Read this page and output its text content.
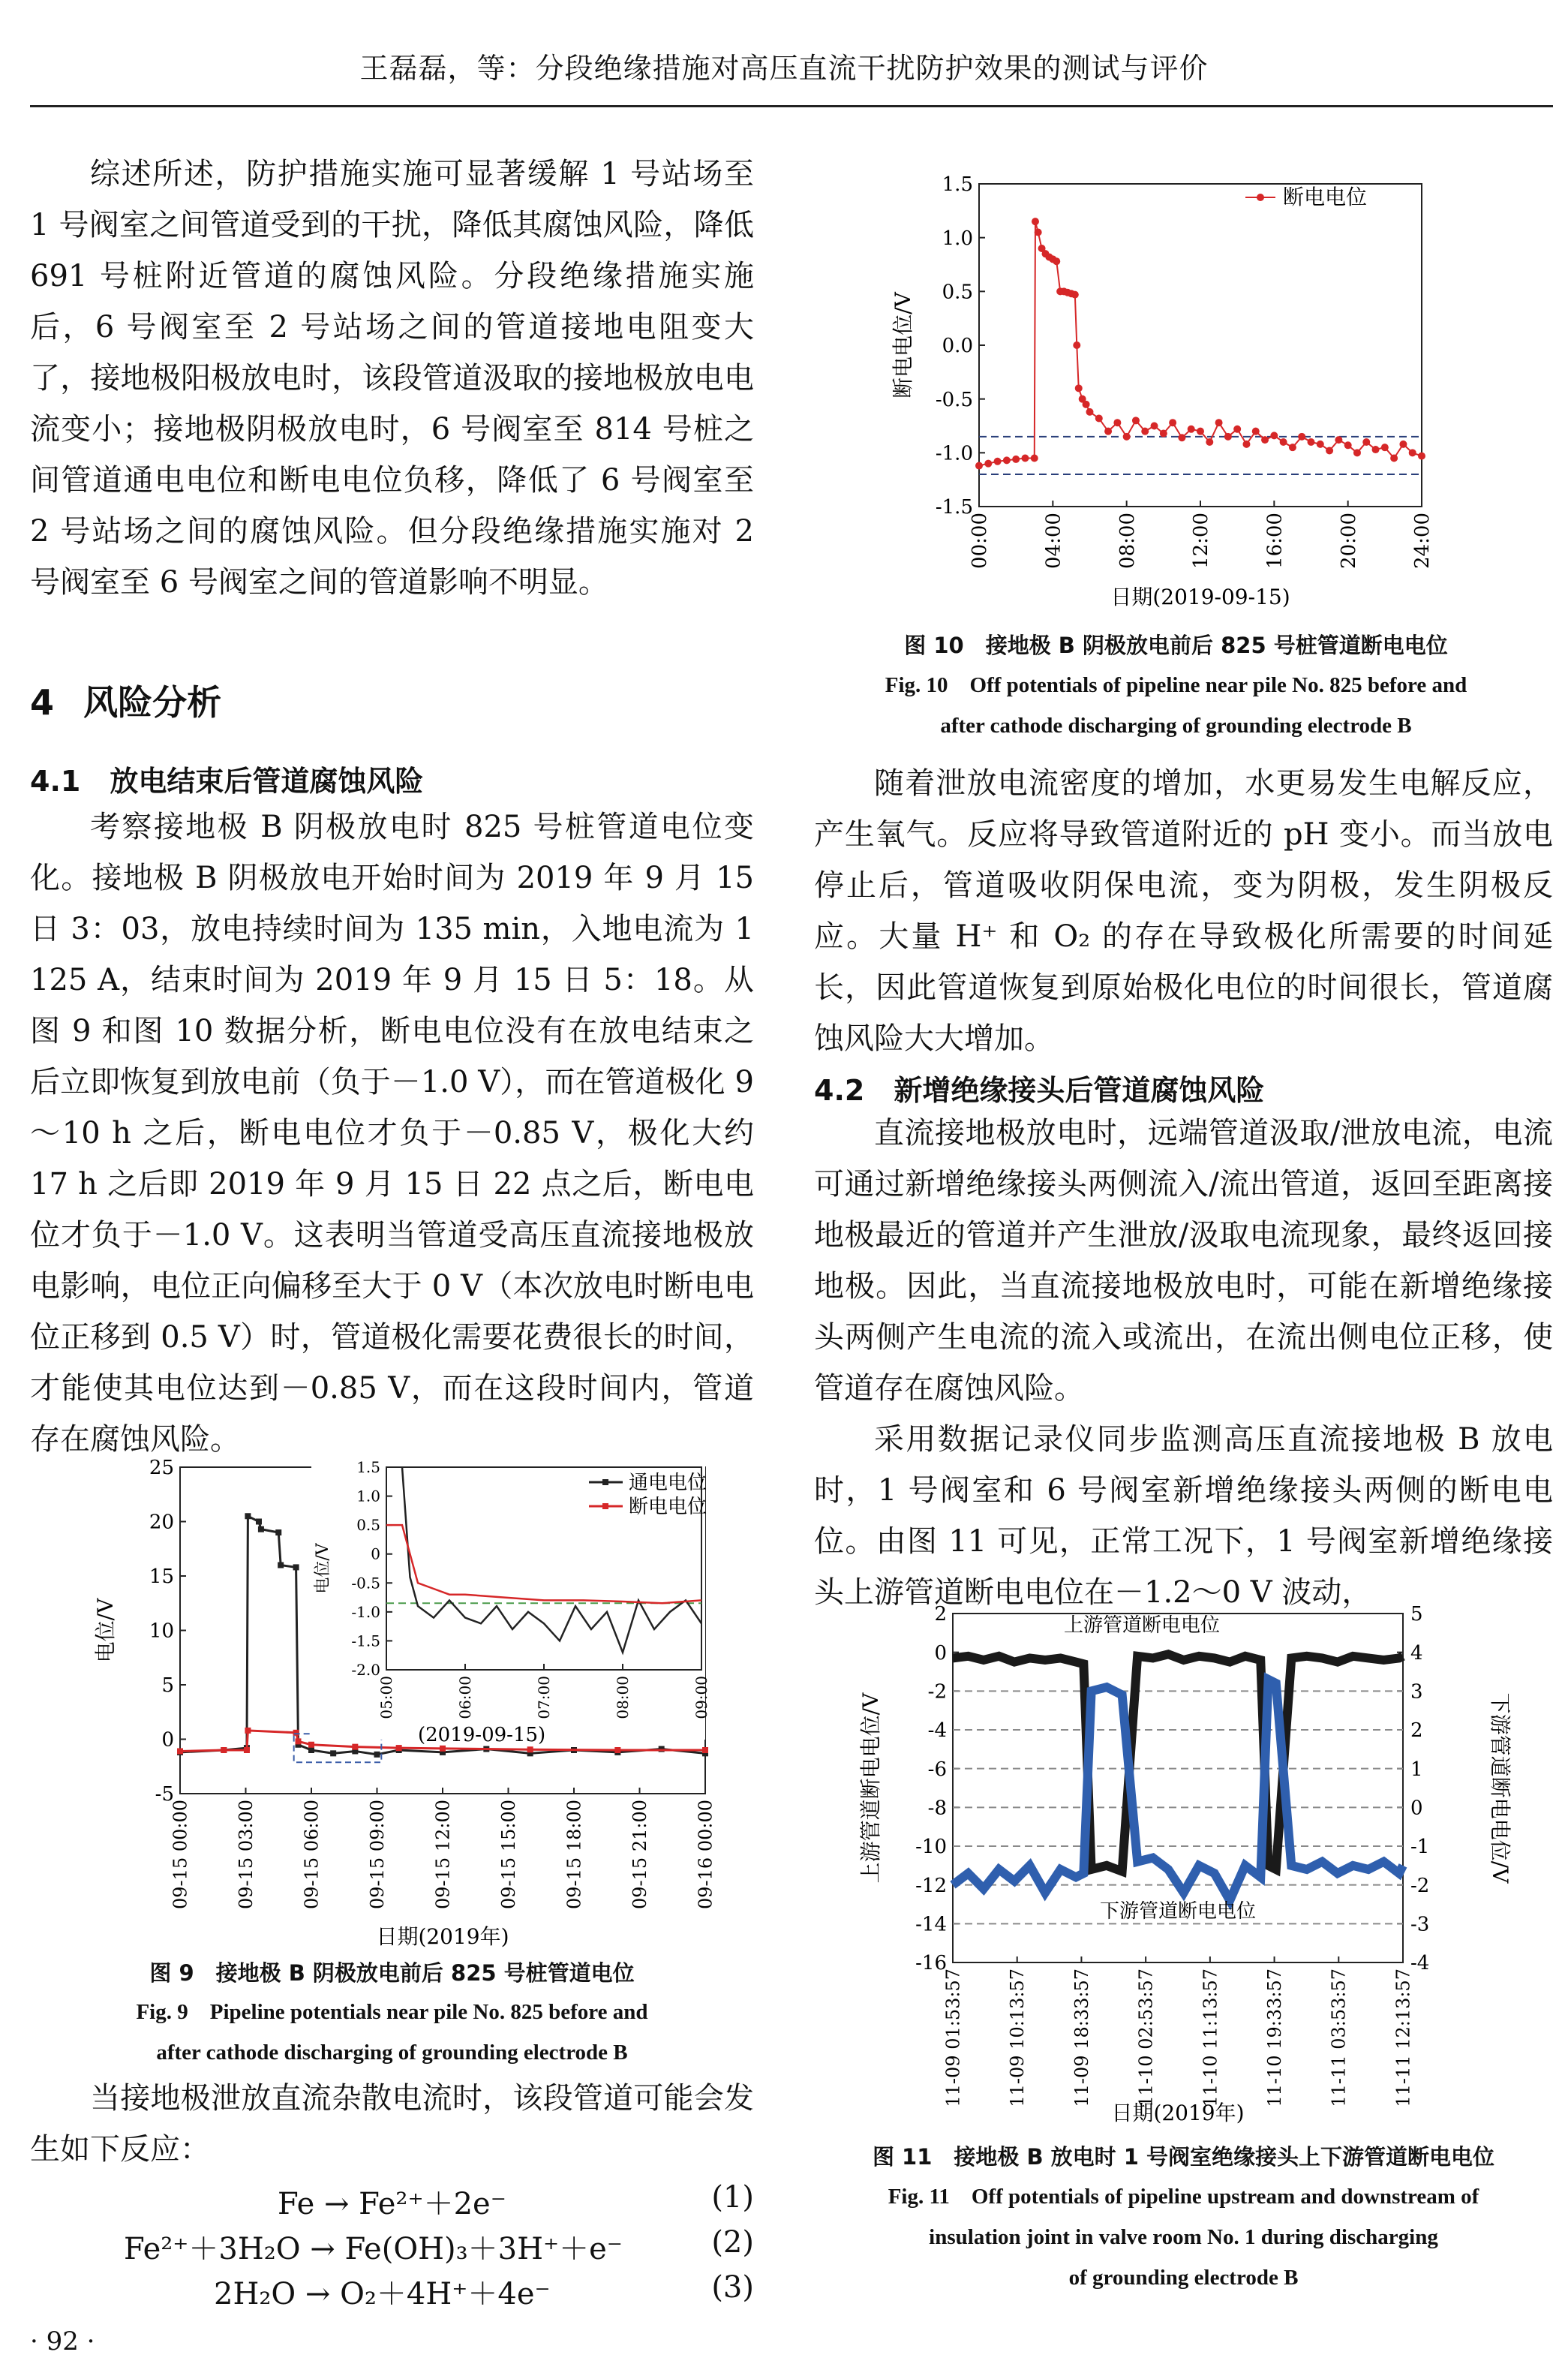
王磊磊，等：分段绝缘措施对高压直流干扰防护效果的测试与评价

综述所述，防护措施实施可显著缓解 1 号站场至 1 号阀室之间管道受到的干扰，降低其腐蚀风险，降低 691 号桩附近管道的腐蚀风险。分段绝缘措施实施后，6 号阀室至 2 号站场之间的管道接地电阻变大了，接地极阳极放电时，该段管道汲取的接地极放电电流变小；接地极阴极放电时，6 号阀室至 814 号桩之间管道通电电位和断电电位负移，降低了 6 号阀室至 2 号站场之间的腐蚀风险。但分段绝缘措施实施对 2 号阀室至 6 号阀室之间的管道影响不明显。

4 风险分析
4.1 放电结束后管道腐蚀风险

考察接地极 B 阴极放电时 825 号桩管道电位变化。接地极 B 阴极放电开始时间为 2019 年 9 月 15 日 3：03，放电持续时间为 135 min，入地电流为 1 125 A，结束时间为 2019 年 9 月 15 日 5：18。从图 9 和图 10 数据分析，断电电位没有在放电结束之后立即恢复到放电前（负于－1.0 V），而在管道极化 9～10 h 之后，断电电位才负于－0.85 V，极化大约 17 h 之后即 2019 年 9 月 15 日 22 点之后，断电电位才负于－1.0 V。这表明当管道受高压直流接地极放电影响，电位正向偏移至大于 0 V（本次放电时断电电位正移到 0.5 V）时，管道极化需要花费很长的时间，才能使其电位达到－0.85 V，而在这段时间内，管道存在腐蚀风险。

-5
0
5
10
15
20
25
09-15 00:00 09-15 03:00 09-15 06:00 09-15 09:00 09-15 12:00 09-15 15:00 09-15 18:00 09-15 21:00 09-16 00:00
电位/V
日期(2019年)
-2.0
-1.5
-1.0
-0.5
0
0.5
1.0
1.5
05:00	06:00	07:00	08:00	09:00
电位/V
(2019-09-15)
通电电位
断电电位
图 9　接地极 B 阴极放电前后 825 号桩管道电位
Fig. 9　Pipeline potentials near pile No. 825 before and
after cathode discharging of grounding electrode B

当接地极泄放直流杂散电流时，该段管道可能会发生如下反应：

Fe → Fe²⁺＋2e⁻	(1)
Fe²⁺＋3H₂O → Fe(OH)₃＋3H⁺＋e⁻	(2)
2H₂O → O₂＋4H⁺＋4e⁻	(3)
· 92 ·
-1.5
-1.0
-0.5
0.0
0.5
1.0
1.5
00:00	04:00	08:00	12:00	16:00	20:00	24:00
断电电位/V
日期(2019-09-15)
断电电位
图 10　接地极 B 阴极放电前后 825 号桩管道断电电位
Fig. 10　Off potentials of pipeline near pile No. 825 before and
after cathode discharging of grounding electrode B

随着泄放电流密度的增加，水更易发生电解反应，产生氧气。反应将导致管道附近的 pH 变小。而当放电停止后，管道吸收阴保电流，变为阴极，发生阴极反应。大量 H⁺ 和 O₂ 的存在导致极化所需要的时间延长，因此管道恢复到原始极化电位的时间很长，管道腐蚀风险大大增加。

4.2 新增绝缘接头后管道腐蚀风险

直流接地极放电时，远端管道汲取/泄放电流，电流可通过新增绝缘接头两侧流入/流出管道，返回至距离接地极最近的管道并产生泄放/汲取电流现象，最终返回接地极。因此，当直流接地极放电时，可能在新增绝缘接头两侧产生电流的流入或流出，在流出侧电位正移，使管道存在腐蚀风险。

采用数据记录仪同步监测高压直流接地极 B 放电时，1 号阀室和 6 号阀室新增绝缘接头两侧的断电电位。由图 11 可见，正常工况下，1 号阀室新增绝缘接头上游管道断电电位在－1.2～0 V 波动，

-16
-14
-12
-10
-8
-6
-4
-2
0
2
-4
-3
-2
-1
0
1
2
3
4
5
11-09 01:53:57 11-09 10:13:57 11-09 18:33:57 11-10 02:53:57 11-10 11:13:57 11-10 19:33:57 11-11 03:53:57 11-11 12:13:57
上游管道断电电位/V	下游管道断电电位/V
日期(2019年)
上游管道断电电位
下游管道断电电位
图 11　接地极 B 放电时 1 号阀室绝缘接头上下游管道断电电位
Fig. 11　Off potentials of pipeline upstream and downstream of
insulation joint in valve room No. 1 during discharging
of grounding electrode B
